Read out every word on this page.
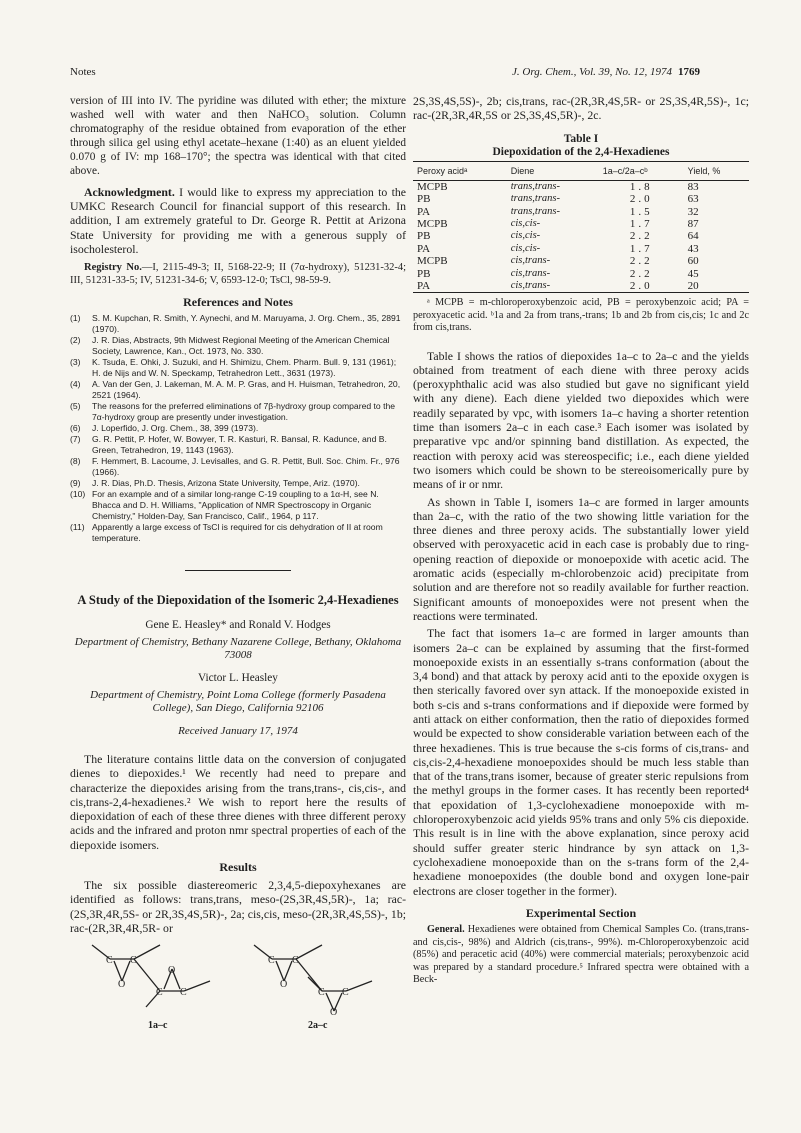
Notes	J. Org. Chem., Vol. 39, No. 12, 1974 1769

version of III into IV. The pyridine was diluted with ether; the mixture washed well with water and then NaHCO₃ solution. Column chromatography of the residue obtained from evaporation of the ether through silica gel using ethyl acetate–hexane (1:40) as an eluent yielded 0.070 g of IV: mp 168–170°; the spectra was identical with that cited above.

Acknowledgment. I would like to express my appreciation to the UMKC Research Council for financial support of this research. In addition, I am extremely grateful to Dr. George R. Pettit at Arizona State University for providing me with a generous supply of isocholesterol.

Registry No.—I, 2115-49-3; II, 5168-22-9; II (7α-hydroxy), 51231-32-4; III, 51231-33-5; IV, 51231-34-6; V, 6593-12-0; TsCl, 98-59-9.

References and Notes
(1)	S. M. Kupchan, R. Smith, Y. Aynechi, and M. Maruyama, J. Org. Chem., 35, 2891 (1970).
(2)	J. R. Dias, Abstracts, 9th Midwest Regional Meeting of the American Chemical Society, Lawrence, Kan., Oct. 1973, No. 330.
(3)	K. Tsuda, E. Ohki, J. Suzuki, and H. Shimizu, Chem. Pharm. Bull. 9, 131 (1961); H. de Nijs and W. N. Speckamp, Tetrahedron Lett., 3631 (1973).
(4)	A. Van der Gen, J. Lakeman, M. A. M. P. Gras, and H. Huisman, Tetrahedron, 20, 2521 (1964).
(5)	The reasons for the preferred eliminations of 7β-hydroxy group compared to the 7α-hydroxy group are presently under investigation.
(6)	J. Loperfido, J. Org. Chem., 38, 399 (1973).
(7)	G. R. Pettit, P. Hofer, W. Bowyer, T. R. Kasturi, R. Bansal, R. Kadunce, and B. Green, Tetrahedron, 19, 1143 (1963).
(8)	F. Hemmert, B. Lacoume, J. Levisalles, and G. R. Pettit, Bull. Soc. Chim. Fr., 976 (1966).
(9)	J. R. Dias, Ph.D. Thesis, Arizona State University, Tempe, Ariz. (1970).
(10) For an example and of a similar long-range C-19 coupling to a 1α-H, see N. Bhacca and D. H. Williams, "Application of NMR Spectroscopy in Organic Chemistry," Holden-Day, San Francisco, Calif., 1964, p 117.
(11) Apparently a large excess of TsCl is required for cis dehydration of II at room temperature.
A Study of the Diepoxidation of the Isomeric 2,4-Hexadienes
Gene E. Heasley* and Ronald V. Hodges
Department of Chemistry, Bethany Nazarene College, Bethany, Oklahoma 73008
Victor L. Heasley
Department of Chemistry, Point Loma College (formerly Pasadena College), San Diego, California 92106
Received January 17, 1974

The literature contains little data on the conversion of conjugated dienes to diepoxides.¹ We recently had need to prepare and characterize the diepoxides arising from the trans,trans-, cis,cis-, and cis,trans-2,4-hexadienes.² We wish to report here the results of diepoxidation of each of these three dienes with three different peroxy acids and the infrared and proton nmr spectral properties of each of the diepoxide isomers.

Results

The six possible diastereomeric 2,3,4,5-diepoxyhexanes are identified as follows: trans,trans, meso-(2S,3R,4S,5R)-, 1a; rac-(2S,3R,4R,5S- or 2R,3S,4S,5R)-, 2a; cis,cis, meso-(2R,3R,4S,5S)-, 1b; rac-(2R,3R,4R,5R- or

C C
C C
O
O
C C
C C
O
O
1a–c	2a–c

2S,3S,4S,5S)-, 2b; cis,trans, rac-(2R,3R,4S,5R- or 2S,3S,4R,5S)-, 1c; rac-(2R,3R,4R,5S or 2S,3S,4S,5R)-, 2c.

Table I
Diepoxidation of the 2,4-Hexadienes
Peroxy acidᵃ	Diene	1a–c/2a–cᵇ	Yield, %
MCPB	trans,trans-	1.8	83
PB	trans,trans-	2.0	63
PA	trans,trans-	1.5	32
MCPB	cis,cis-	1.7	87
PB	cis,cis-	2.2	64
PA	cis,cis-	1.7	43
MCPB	cis,trans-	2.2	60
PB	cis,trans-	2.2	45
PA	cis,trans-	2.0	20

ᵃ MCPB = m-chloroperoxybenzoic acid, PB = peroxybenzoic acid; PA = peroxyacetic acid. ᵇ1a and 2a from trans,-trans; 1b and 2b from cis,cis; 1c and 2c from cis,trans.

Table I shows the ratios of diepoxides 1a–c to 2a–c and the yields obtained from treatment of each diene with three peroxy acids (peroxyphthalic acid was also studied but gave no significant yield with any diene). Each diene yielded two diepoxides which were readily separated by vpc, with isomers 1a–c having a shorter retention time than isomers 2a–c in each case.³ Each isomer was isolated by preparative vpc and/or spinning band distillation. As expected, the reaction with peroxy acid was stereospecific; i.e., each diene yielded two isomers which could be shown to be stereoisomerically pure by means of ir or nmr.

As shown in Table I, isomers 1a–c are formed in larger amounts than 2a–c, with the ratio of the two showing little variation for the three dienes and three peroxy acids. The substantially lower yield observed with peroxyacetic acid in each case is probably due to ring-opening reaction of diepoxide or monoepoxide with acetic acid. The aromatic acids (especially m-chlorobenzoic acid) precipitate from solution and are therefore not so readily available for further reaction. Significant amounts of monoepoxides were not present when the reactions were terminated.

The fact that isomers 1a–c are formed in larger amounts than isomers 2a–c can be explained by assuming that the first-formed monoepoxide exists in an essentially s-trans conformation (about the 3,4 bond) and that attack by peroxy acid anti to the epoxide oxygen is then sterically favored over syn attack. If the monoepoxide existed in both s-cis and s-trans conformations and if diepoxide were formed by anti attack on either conformation, then the ratio of diepoxides formed would be expected to show considerable variation between each of the three hexadienes. This is true because the s-cis forms of cis,trans- and cis,cis-2,4-hexadiene monoepoxides should be much less stable than that of the trans,trans isomer, because of greater steric repulsions from the methyl groups in the former cases. It has recently been reported⁴ that epoxidation of 1,3-cyclohexadiene monoepoxide with m-chloroperoxybenzoic acid yields 95% trans and only 5% cis diepoxide. This result is in line with the above explanation, since peroxy acid should suffer greater steric hindrance by syn attack on 1,3-cyclohexadiene monoepoxide than on the s-trans form of the 2,4-hexadiene monoepoxides (the double bond and oxygen lone-pair electrons are closer together in the former).

Experimental Section

General. Hexadienes were obtained from Chemical Samples Co. (trans,trans- and cis,cis-, 98%) and Aldrich (cis,trans-, 99%). m-Chloroperoxybenzoic acid (85%) and peracetic acid (40%) were commercial materials; peroxybenzoic acid was prepared by a standard procedure.⁵ Infrared spectra were obtained with a Beck-
